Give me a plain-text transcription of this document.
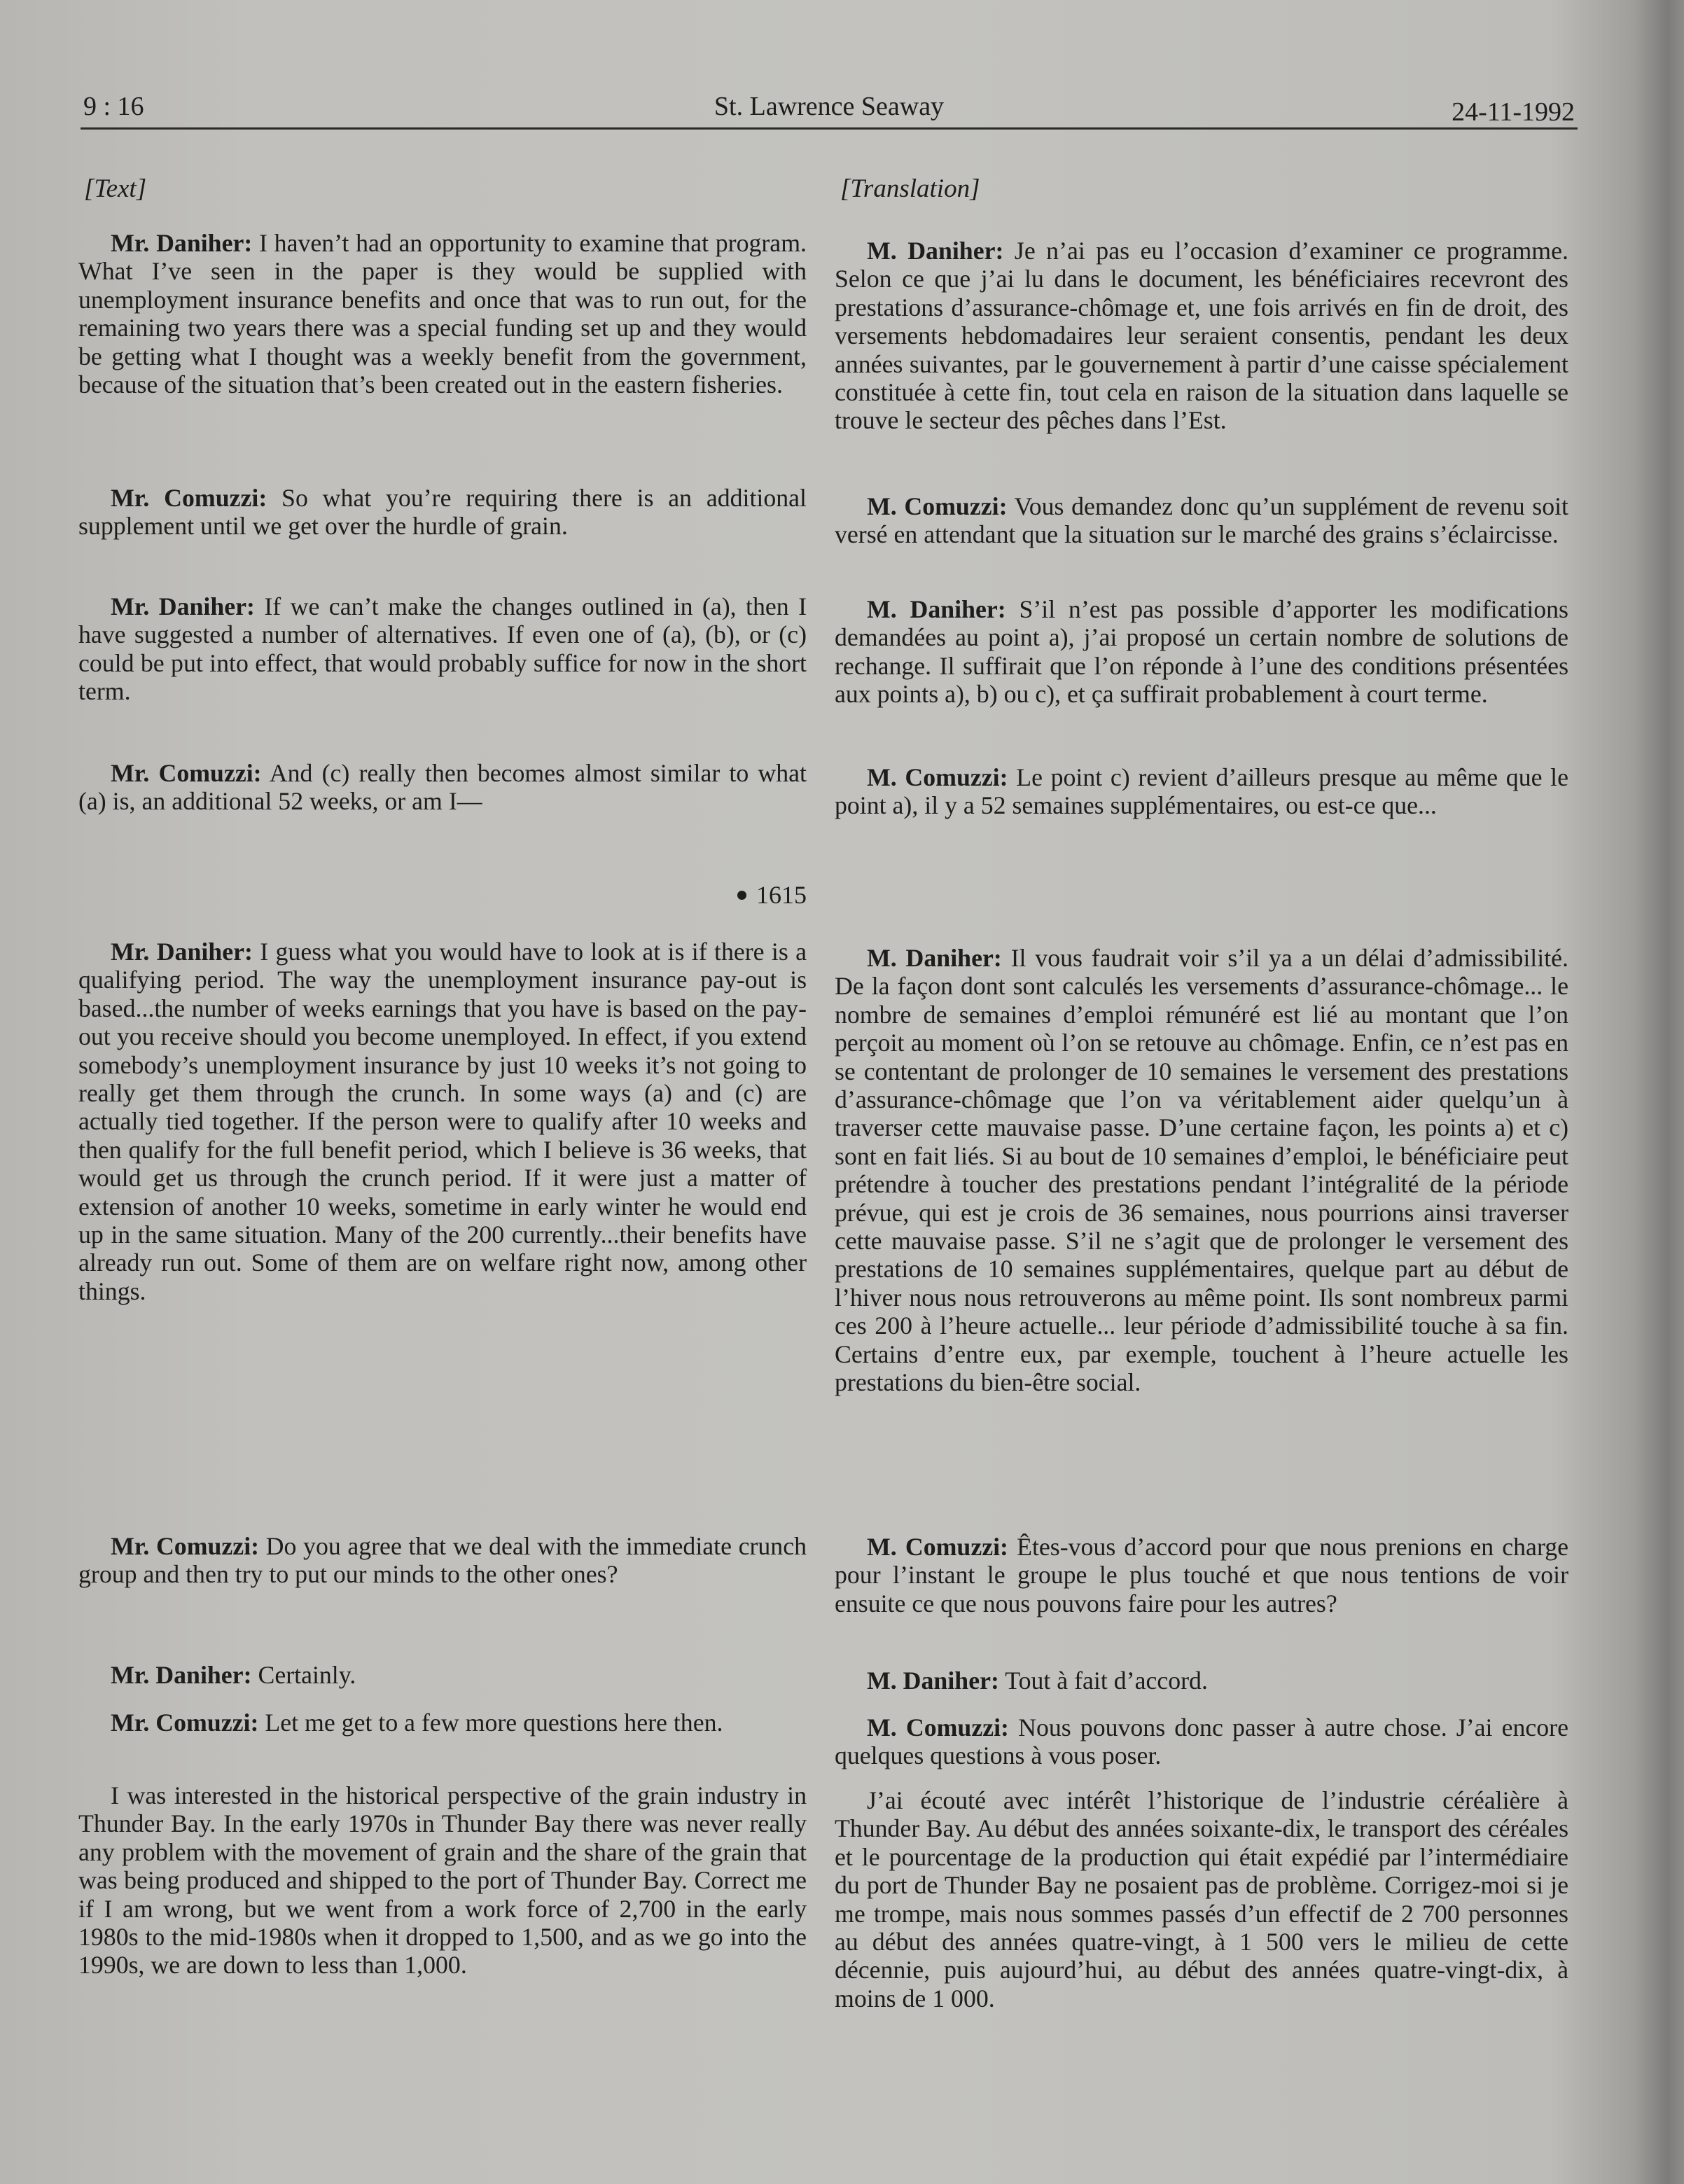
9 : 16	St. Lawrence Seaway	24-11-1992

[Text]

Mr. Daniher: I haven’t had an opportunity to examine that program. What I’ve seen in the paper is they would be supplied with unemployment insurance benefits and once that was to run out, for the remaining two years there was a special funding set up and they would be getting what I thought was a weekly benefit from the government, because of the situation that’s been created out in the eastern fisheries.

Mr. Comuzzi: So what you’re requiring there is an additional supplement until we get over the hurdle of grain.

Mr. Daniher: If we can’t make the changes outlined in (a), then I have suggested a number of alternatives. If even one of (a), (b), or (c) could be put into effect, that would probably suffice for now in the short term.

Mr. Comuzzi: And (c) really then becomes almost similar to what (a) is, an additional 52 weeks, or am I—

1615

Mr. Daniher: I guess what you would have to look at is if there is a qualifying period. The way the unemployment insurance pay-out is based...the number of weeks earnings that you have is based on the pay-out you receive should you become unemployed. In effect, if you extend somebody’s unemployment insurance by just 10 weeks it’s not going to really get them through the crunch. In some ways (a) and (c) are actually tied together. If the person were to qualify after 10 weeks and then qualify for the full benefit period, which I believe is 36 weeks, that would get us through the crunch period. If it were just a matter of extension of another 10 weeks, sometime in early winter he would end up in the same situation. Many of the 200 currently...their benefits have already run out. Some of them are on welfare right now, among other things.

Mr. Comuzzi: Do you agree that we deal with the immediate crunch group and then try to put our minds to the other ones?

Mr. Daniher: Certainly.

Mr. Comuzzi: Let me get to a few more questions here then.

I was interested in the historical perspective of the grain industry in Thunder Bay. In the early 1970s in Thunder Bay there was never really any problem with the movement of grain and the share of the grain that was being produced and shipped to the port of Thunder Bay. Correct me if I am wrong, but we went from a work force of 2,700 in the early 1980s to the mid-1980s when it dropped to 1,500, and as we go into the 1990s, we are down to less than 1,000.

[Translation]

M. Daniher: Je n’ai pas eu l’occasion d’examiner ce programme. Selon ce que j’ai lu dans le document, les bénéficiaires recevront des prestations d’assurance-chômage et, une fois arrivés en fin de droit, des versements hebdomadaires leur seraient consentis, pendant les deux années suivantes, par le gouvernement à partir d’une caisse spécialement constituée à cette fin, tout cela en raison de la situation dans laquelle se trouve le secteur des pêches dans l’Est.

M. Comuzzi: Vous demandez donc qu’un supplément de revenu soit versé en attendant que la situation sur le marché des grains s’éclaircisse.

M. Daniher: S’il n’est pas possible d’apporter les modifications demandées au point a), j’ai proposé un certain nombre de solutions de rechange. Il suffirait que l’on réponde à l’une des conditions présentées aux points a), b) ou c), et ça suffirait probablement à court terme.

M. Comuzzi: Le point c) revient d’ailleurs presque au même que le point a), il y a 52 semaines supplémentaires, ou est-ce que...

M. Daniher: Il vous faudrait voir s’il ya a un délai d’admissibilité. De la façon dont sont calculés les versements d’assurance-chômage... le nombre de semaines d’emploi rémunéré est lié au montant que l’on perçoit au moment où l’on se retouve au chômage. Enfin, ce n’est pas en se contentant de prolonger de 10 semaines le versement des prestations d’assurance-chômage que l’on va véritablement aider quelqu’un à traverser cette mauvaise passe. D’une certaine façon, les points a) et c) sont en fait liés. Si au bout de 10 semaines d’emploi, le bénéficiaire peut prétendre à toucher des prestations pendant l’intégralité de la période prévue, qui est je crois de 36 semaines, nous pourrions ainsi traverser cette mauvaise passe. S’il ne s’agit que de prolonger le versement des prestations de 10 semaines supplémentaires, quelque part au début de l’hiver nous nous retrouverons au même point. Ils sont nombreux parmi ces 200 à l’heure actuelle... leur période d’admissibilité touche à sa fin. Certains d’entre eux, par exemple, touchent à l’heure actuelle les prestations du bien-être social.

M. Comuzzi: Êtes-vous d’accord pour que nous prenions en charge pour l’instant le groupe le plus touché et que nous tentions de voir ensuite ce que nous pouvons faire pour les autres?

M. Daniher: Tout à fait d’accord.

M. Comuzzi: Nous pouvons donc passer à autre chose. J’ai encore quelques questions à vous poser.

J’ai écouté avec intérêt l’historique de l’industrie céréalière à Thunder Bay. Au début des années soixante-dix, le transport des céréales et le pourcentage de la production qui était expédié par l’intermédiaire du port de Thunder Bay ne posaient pas de problème. Corrigez-moi si je me trompe, mais nous sommes passés d’un effectif de 2 700 personnes au début des années quatre-vingt, à 1 500 vers le milieu de cette décennie, puis aujourd’hui, au début des années quatre-vingt-dix, à moins de 1 000.
